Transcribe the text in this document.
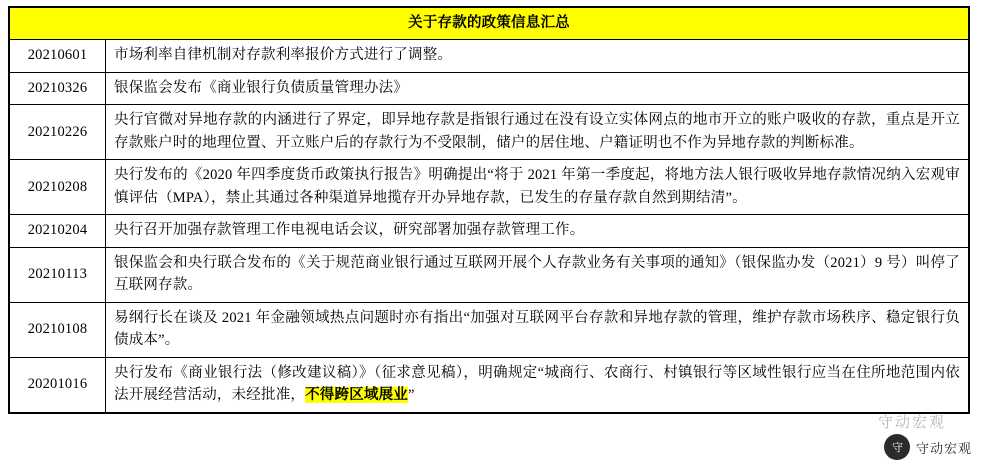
关于存款的政策信息汇总	
20210601	市场利率自律机制对存款利率报价方式进行了调整。
20210326	银保监会发布《商业银行负债质量管理办法》
20210226	央行官微对异地存款的内涵进行了界定，即异地存款是指银行通过在没有设立实体网点的地市开立的账户吸收的存款，重点是开立存款账户时的地理位置、开立账户后的存款行为不受限制，储户的居住地、户籍证明也不作为异地存款的判断标准。
20210208	央行发布的《2020 年四季度货币政策执行报告》明确提出“将于 2021 年第一季度起，将地方法人银行吸收异地存款情况纳入宏观审慎评估（MPA），禁止其通过各种渠道异地揽存开办异地存款，已发生的存量存款自然到期结清”。
20210204	央行召开加强存款管理工作电视电话会议，研究部署加强存款管理工作。
20210113	银保监会和央行联合发布的《关于规范商业银行通过互联网开展个人存款业务有关事项的通知》（银保监办发（2021）9 号）叫停了互联网存款。
20210108	易纲行长在谈及 2021 年金融领域热点问题时亦有指出“加强对互联网平台存款和异地存款的管理，维护存款市场秩序、稳定银行负债成本”。
20201016	央行发布《商业银行法（修改建议稿）》（征求意见稿），明确规定“城商行、农商行、村镇银行等区域性银行应当在住所地范围内依法开展经营活动，未经批准，不得跨区域展业”
守动宏观
守	守动宏观
